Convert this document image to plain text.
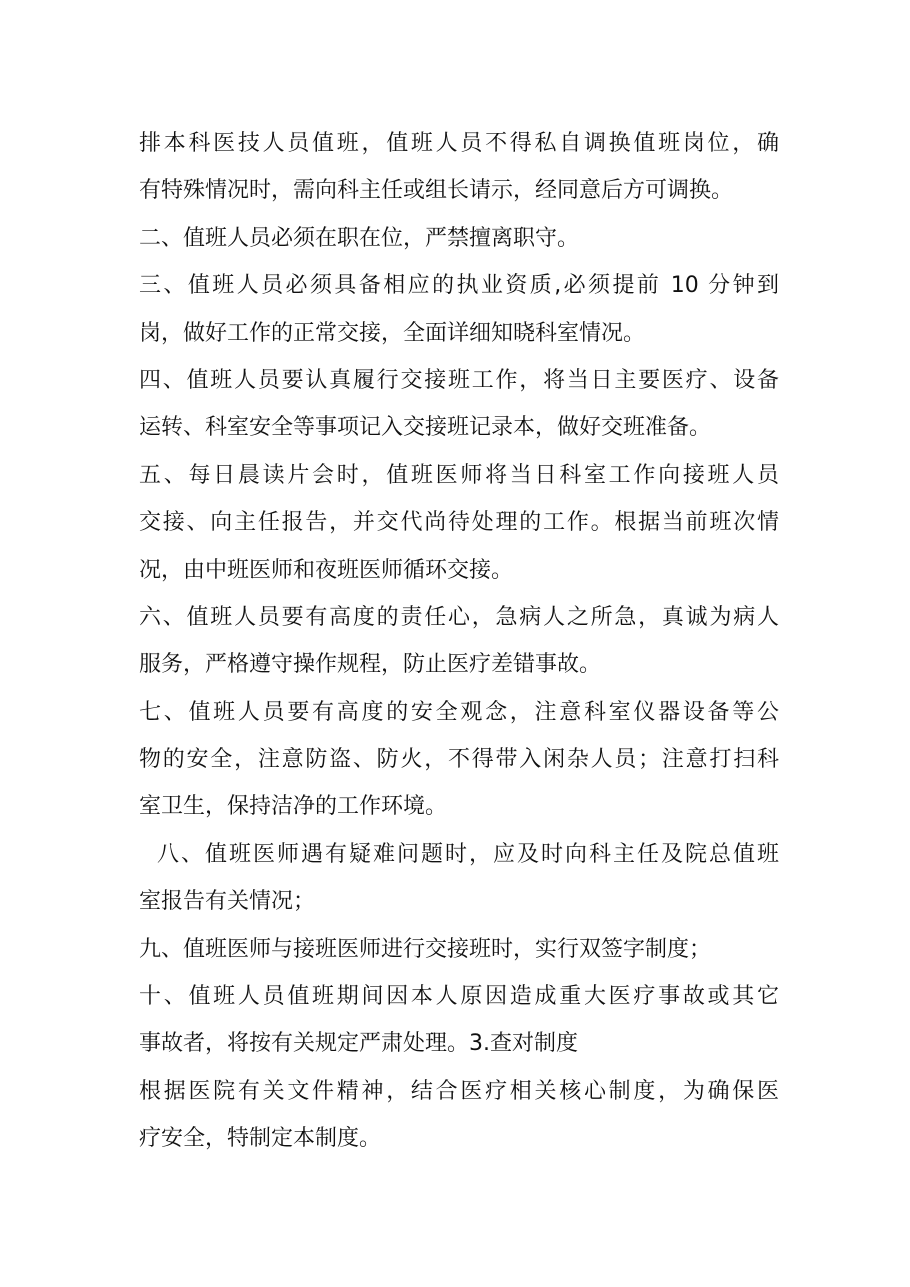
排本科医技人员值班，值班人员不得私自调换值班岗位，确
有特殊情况时，需向科主任或组长请示，经同意后方可调换。
二、值班人员必须在职在位，严禁擅离职守。
三、值班人员必须具备相应的执业资质,必须提前 10 分钟到
岗，做好工作的正常交接，全面详细知晓科室情况。
四、值班人员要认真履行交接班工作，将当日主要医疗、设备
运转、科室安全等事项记入交接班记录本，做好交班准备。
五、每日晨读片会时，值班医师将当日科室工作向接班人员
交接、向主任报告，并交代尚待处理的工作。根据当前班次情
况，由中班医师和夜班医师循环交接。
六、值班人员要有高度的责任心，急病人之所急，真诚为病人
服务，严格遵守操作规程，防止医疗差错事故。
七、值班人员要有高度的安全观念，注意科室仪器设备等公
物的安全，注意防盗、防火，不得带入闲杂人员；注意打扫科
室卫生，保持洁净的工作环境。
八、值班医师遇有疑难问题时，应及时向科主任及院总值班
室报告有关情况；
九、值班医师与接班医师进行交接班时，实行双签字制度；
十、值班人员值班期间因本人原因造成重大医疗事故或其它
事故者，将按有关规定严肃处理。3.查对制度
根据医院有关文件精神，结合医疗相关核心制度，为确保医
疗安全，特制定本制度。
